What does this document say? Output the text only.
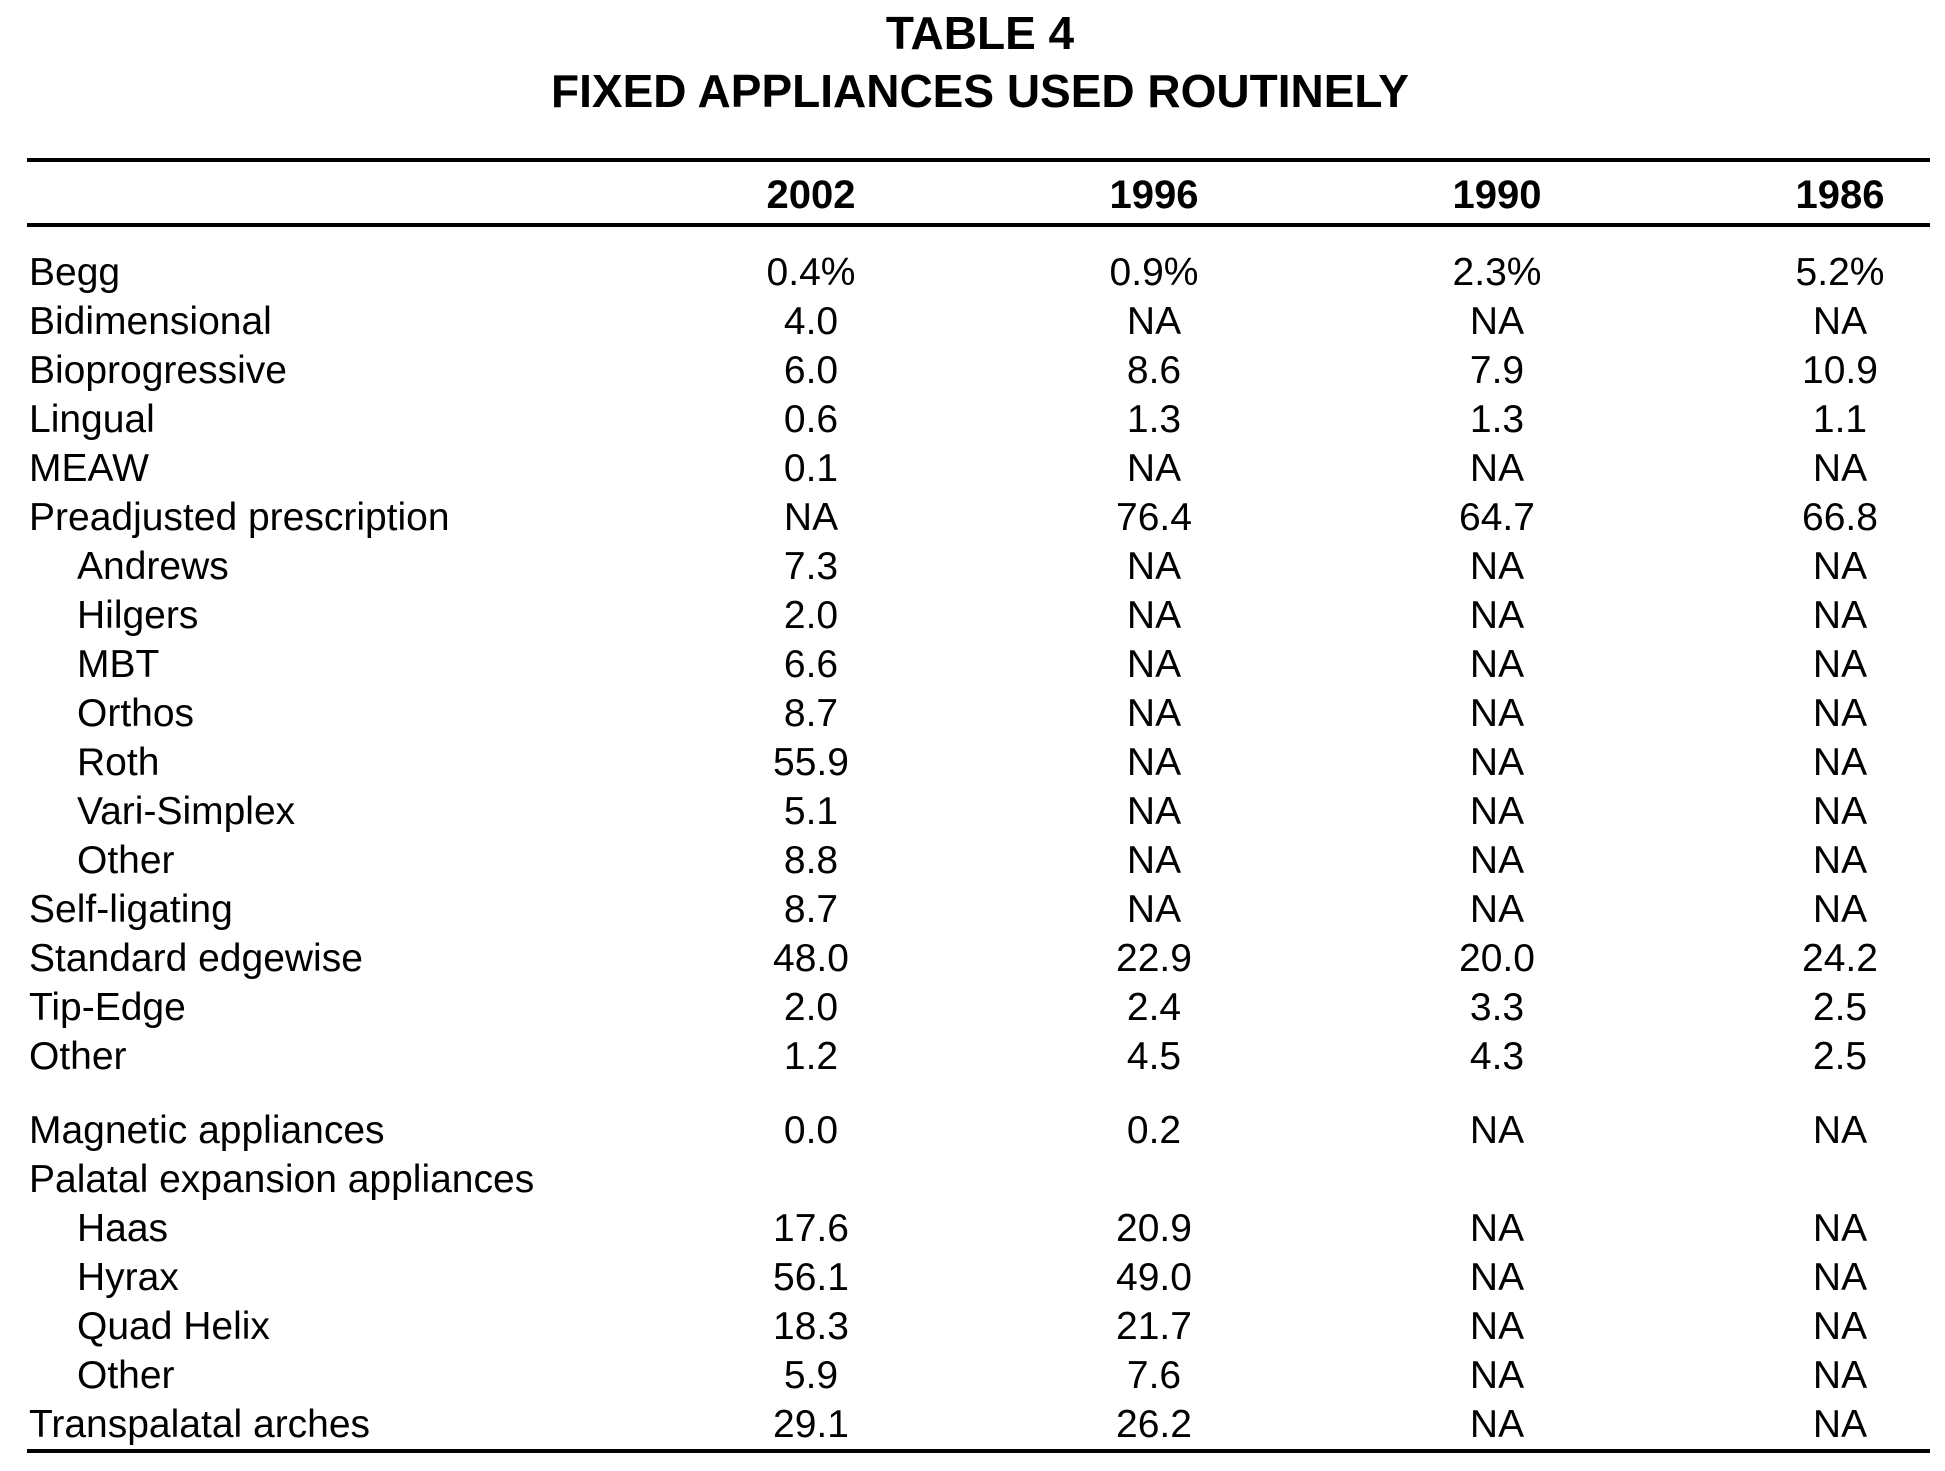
TABLE 4
FIXED APPLIANCES USED ROUTINELY
2002	1996	1990	1986
Begg	0.4%	0.9%	2.3%	5.2%
Bidimensional	4.0	NA	NA	NA
Bioprogressive	6.0	8.6	7.9	10.9
Lingual	0.6	1.3	1.3	1.1
MEAW	0.1	NA	NA	NA
Preadjusted prescription	NA	76.4	64.7	66.8
Andrews	7.3	NA	NA	NA
Hilgers	2.0	NA	NA	NA
MBT	6.6	NA	NA	NA
Orthos	8.7	NA	NA	NA
Roth	55.9	NA	NA	NA
Vari-Simplex	5.1	NA	NA	NA
Other	8.8	NA	NA	NA
Self-ligating	8.7	NA	NA	NA
Standard edgewise	48.0	22.9	20.0	24.2
Tip-Edge	2.0	2.4	3.3	2.5
Other	1.2	4.5	4.3	2.5
Magnetic appliances	0.0	0.2	NA	NA
Palatal expansion appliances
Haas	17.6	20.9	NA	NA
Hyrax	56.1	49.0	NA	NA
Quad Helix	18.3	21.7	NA	NA
Other	5.9	7.6	NA	NA
Transpalatal arches	29.1	26.2	NA	NA
